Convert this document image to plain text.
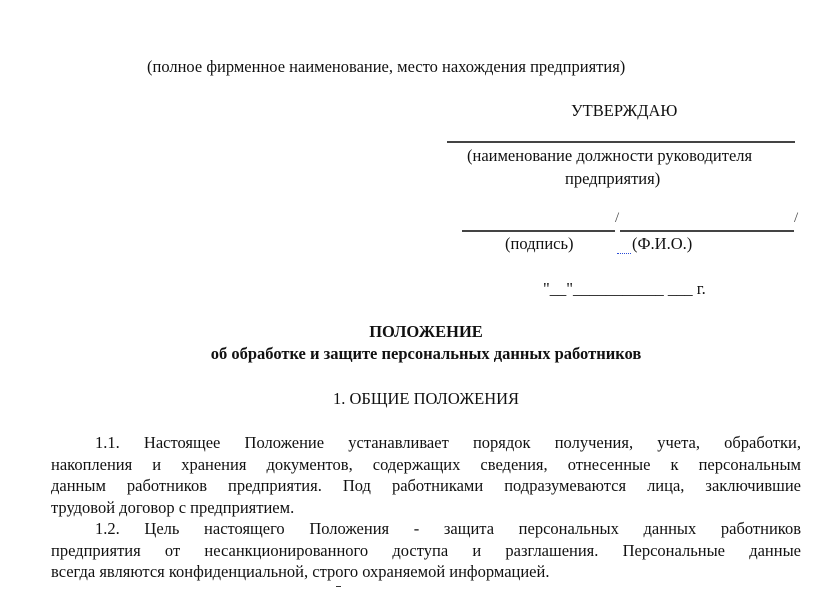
(полное фирменное наименование, место нахождения предприятия)
УТВЕРЖДАЮ
(наименование должности руководителя
предприятия)
/	/
(подпись)	(Ф.И.О.)
"__"___________ ___ г.
ПОЛОЖЕНИЕ
об обработке и защите персональных данных работников
1. ОБЩИЕ ПОЛОЖЕНИЯ
1.1. Настоящее Положение устанавливает порядок получения, учета, обработки,
накопления и хранения документов, содержащих сведения, отнесенные к персональным
данным работников предприятия. Под работниками подразумеваются лица, заключившие
трудовой договор с предприятием.
1.2. Цель настоящего Положения - защита персональных данных работников
предприятия от несанкционированного доступа и разглашения. Персональные данные
всегда являются конфиденциальной, строго охраняемой информацией.
